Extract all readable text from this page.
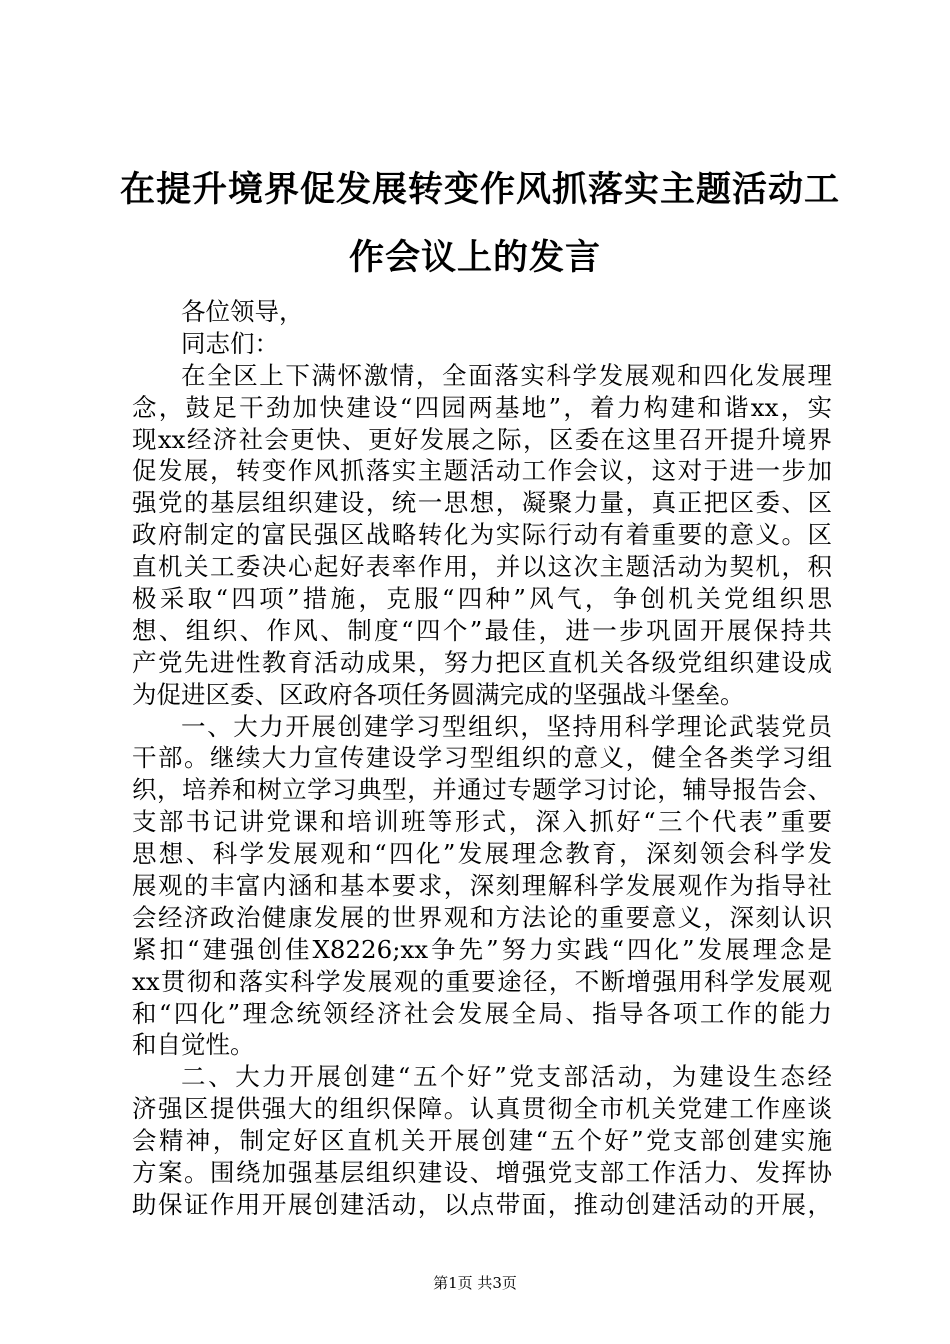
在提升境界促发展转变作风抓落实主题活动工
作会议上的发言
各位领导，
同志们：
在全区上下满怀激情，全面落实科学发展观和四化发展理
念，鼓足干劲加快建设“四园两基地”，着力构建和谐xx，实
现xx经济社会更快、更好发展之际，区委在这里召开提升境界
促发展，转变作风抓落实主题活动工作会议，这对于进一步加
强党的基层组织建设，统一思想，凝聚力量，真正把区委、区
政府制定的富民强区战略转化为实际行动有着重要的意义。区
直机关工委决心起好表率作用，并以这次主题活动为契机，积
极采取“四项”措施，克服“四种”风气，争创机关党组织思
想、组织、作风、制度“四个”最佳，进一步巩固开展保持共
产党先进性教育活动成果，努力把区直机关各级党组织建设成
为促进区委、区政府各项任务圆满完成的坚强战斗堡垒。
一、大力开展创建学习型组织，坚持用科学理论武装党员
干部。继续大力宣传建设学习型组织的意义，健全各类学习组
织，培养和树立学习典型，并通过专题学习讨论，辅导报告会、
支部书记讲党课和培训班等形式，深入抓好“三个代表”重要
思想、科学发展观和“四化”发展理念教育，深刻领会科学发
展观的丰富内涵和基本要求，深刻理解科学发展观作为指导社
会经济政治健康发展的世界观和方法论的重要意义，深刻认识
紧扣“建强创佳X8226;xx争先”努力实践“四化”发展理念是
xx贯彻和落实科学发展观的重要途径，不断增强用科学发展观
和“四化”理念统领经济社会发展全局、指导各项工作的能力
和自觉性。
二、大力开展创建“五个好”党支部活动，为建设生态经
济强区提供强大的组织保障。认真贯彻全市机关党建工作座谈
会精神，制定好区直机关开展创建“五个好”党支部创建实施
方案。围绕加强基层组织建设、增强党支部工作活力、发挥协
助保证作用开展创建活动，以点带面，推动创建活动的开展，
第1页 共3页
